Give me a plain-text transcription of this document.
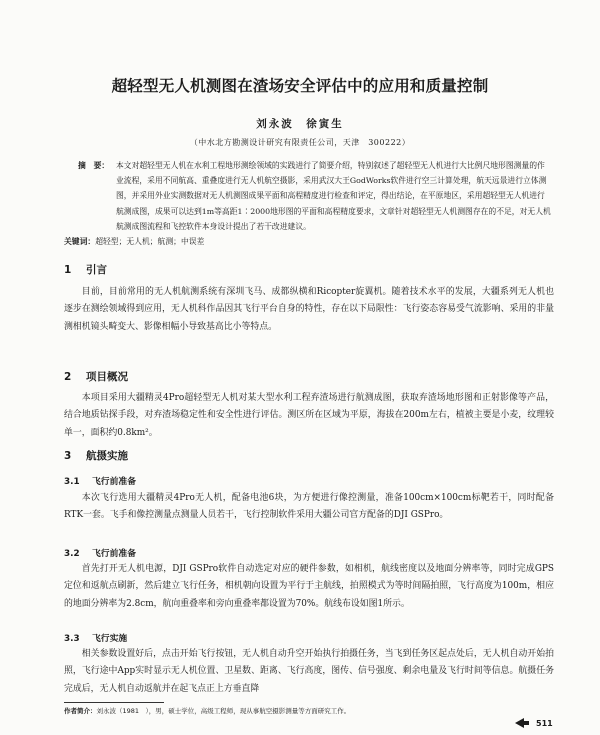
超轻型无人机测图在渣场安全评估中的应用和质量控制
刘永波　徐寅生
（中水北方勘测设计研究有限责任公司，天津　300222）
摘　要： 本文对超轻型无人机在水利工程地形测绘领域的实践进行了简要介绍，特别叙述了超轻型无人机进行大比例尺地形图测量的作业流程，采用不同航高、重叠度进行无人机航空摄影，采用武汉大王GodWorks软件进行空三计算处理，航天远景进行立体测图，并采用外业实测数据对无人机测图成果平面和高程精度进行检查和评定，得出结论，在平原地区，采用超轻型无人机进行航测成图，成果可以达到1m等高距1∶2000地形图的平面和高程精度要求，文章针对超轻型无人机测图存在的不足，对无人机航测成图流程和飞控软件本身设计提出了若干改进建议。
关键词： 超轻型；无人机；航测；中误差
1 引言
目前，目前常用的无人机航测系统有深圳飞马、成都纵横和Ricopter旋翼机。随着技术水平的发展，大疆系列无人机也逐步在测绘领域得到应用，无人机科作品因其飞行平台自身的特性，存在以下局限性：飞行姿态容易受气流影响、采用的非量测相机镜头畸变大、影像相幅小导致基高比小等特点。
2 项目概况
本项目采用大疆精灵4Pro超轻型无人机对某大型水利工程弃渣场进行航测成图，获取弃渣场地形图和正射影像等产品，结合地质钻探手段，对弃渣场稳定性和安全性进行评估。测区所在区域为平原，海拔在200m左右，植被主要是小麦，纹理较单一，面积约0.8km²。
3 航摄实施
3.1 飞行前准备
本次飞行选用大疆精灵4Pro无人机，配备电池6块，为方便进行像控测量，准备100cm×100cm标靶若干，同时配备RTK一套。飞手和像控测量点测量人员若干，飞行控制软件采用大疆公司官方配备的DJI GSPro。
3.2 飞行前准备
首先打开无人机电源，DJI GSPro软件自动选定对应的硬件参数，如相机，航线密度以及地面分辨率等，同时完成GPS定位和返航点刷新，然后建立飞行任务，相机朝向设置为平行于主航线，拍照模式为等时间隔拍照，飞行高度为100m，相应的地面分辨率为2.8cm，航向重叠率和旁向重叠率都设置为70%。航线布设如图1所示。
3.3 飞行实施
相关参数设置好后，点击开始飞行按钮，无人机自动升空开始执行拍摄任务，当飞到任务区起点处后，无人机自动开始拍照，飞行途中App实时显示无人机位置、卫星数、距离、飞行高度，图传、信号强度、剩余电量及飞行时间等信息。航摄任务完成后，无人机自动返航并在起飞点正上方垂直降
作者简介：刘永波（1981　），男，硕士学位，高级工程师，现从事航空摄影测量等方面研究工作。
511
